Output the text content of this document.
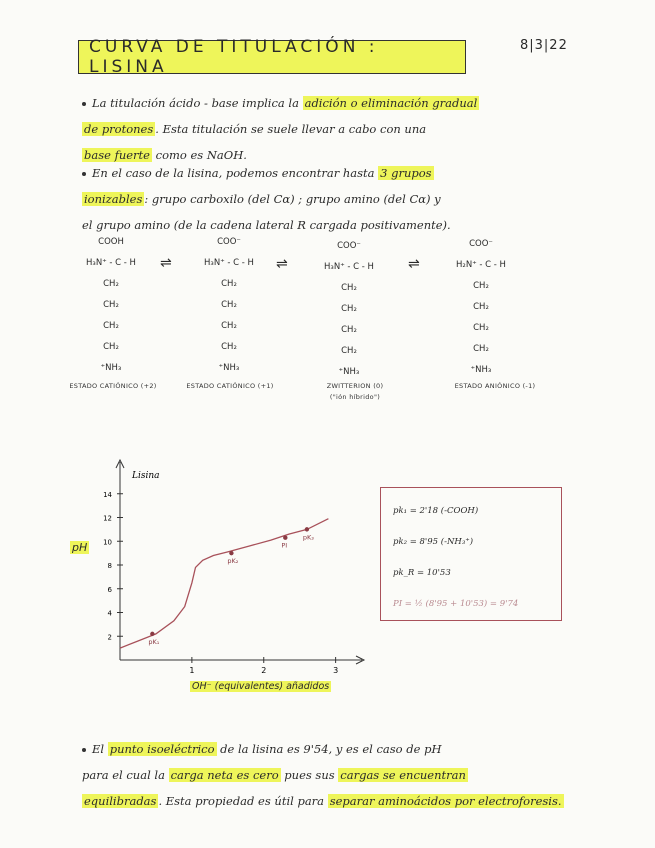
CURVA DE TITULACIÓN : LISINA
8|3|22
La titulación ácido - base implica la adición o eliminación gradual
de protones . Esta titulación se suele llevar a cabo con una
base fuerte como es NaOH.
En el caso de la lisina, podemos encontrar hasta 3 grupos
ionizables : grupo carboxilo (del Cα) ; grupo amino (del Cα) y
el grupo amino (de la cadena lateral R cargada positivamente).
COOH
H₃N⁺ - C - H
CH₂
CH₂
CH₂
CH₂
⁺NH₃
⇌
COO⁻
H₃N⁺ - C - H
CH₂
CH₂
CH₂
CH₂
⁺NH₃
⇌
COO⁻
H₃N⁺ - C - H
CH₂
CH₂
CH₂
CH₂
⁺NH₃
⇌
COO⁻
H₂N⁺ - C - H
CH₂
CH₂
CH₂
CH₂
⁺NH₃
ESTADO CATIÓNICO (+2)	ESTADO CATIÓNICO (+1)	ZWITTERION (0)
("ión híbrido")
ESTADO ANIÓNICO (-1)
pH
OH⁻ (equivalentes) añadidos
Lisina
2
4
6
8
10
12
14
1	2	3
pK₁
pK₂
PI
pK₃
pk₁ = 2'18 (-COOH)
pk₂ = 8'95 (-NH₃⁺)
pk_R = 10'53
PI = ½ (8'95 + 10'53) = 9'74
El punto isoeléctrico de la lisina es 9'54, y es el caso de pH
para el cual la carga neta es cero pues sus cargas se encuentran
equilibradas . Esta propiedad es útil para separar aminoácidos por electroforesis.
